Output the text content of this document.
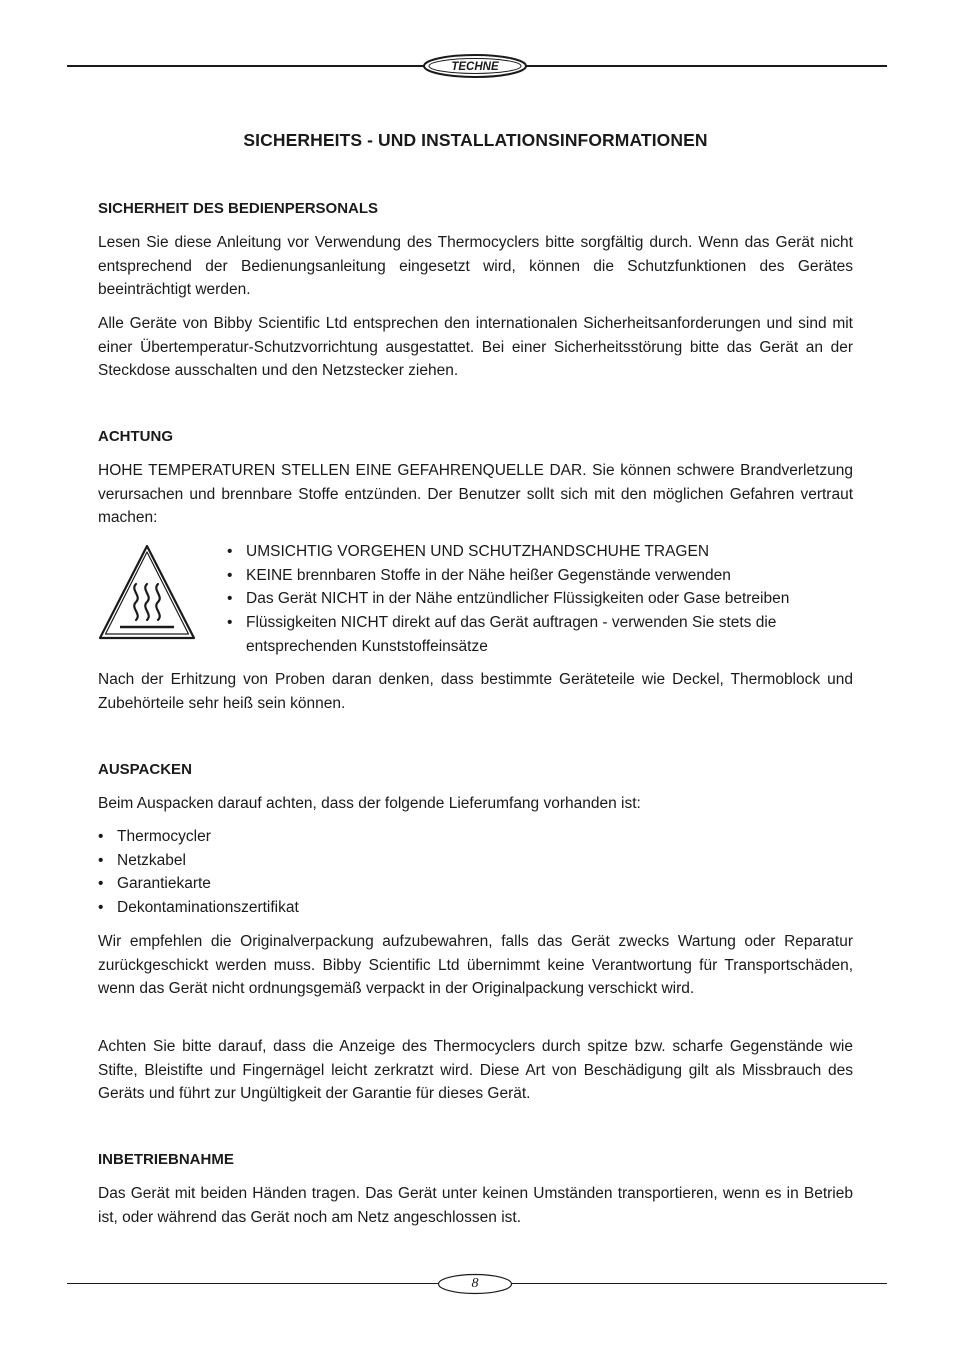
TECHNE
SICHERHEITS - UND INSTALLATIONSINFORMATIONEN
SICHERHEIT DES BEDIENPERSONALS

Lesen Sie diese Anleitung vor Verwendung des Thermocyclers bitte sorgfältig durch. Wenn das Gerät nicht entsprechend der Bedienungsanleitung eingesetzt wird, können die Schutzfunktionen des Gerätes beeinträchtigt werden.

Alle Geräte von Bibby Scientific Ltd entsprechen den internationalen Sicherheitsanforderungen und sind mit einer Übertemperatur-Schutzvorrichtung ausgestattet. Bei einer Sicherheitsstörung bitte das Gerät an der Steckdose ausschalten und den Netzstecker ziehen.

ACHTUNG

HOHE TEMPERATUREN STELLEN EINE GEFAHRENQUELLE DAR. Sie können schwere Brandverletzung verursachen und brennbare Stoffe entzünden. Der Benutzer sollt sich mit den möglichen Gefahren vertraut machen:

• UMSICHTIG VORGEHEN UND SCHUTZHANDSCHUHE TRAGEN
• KEINE brennbaren Stoffe in der Nähe heißer Gegenstände verwenden
• Das Gerät NICHT in der Nähe entzündlicher Flüssigkeiten oder Gase betreiben
• Flüssigkeiten NICHT direkt auf das Gerät auftragen - verwenden Sie stets die entsprechenden Kunststoffeinsätze

Nach der Erhitzung von Proben daran denken, dass bestimmte Geräteteile wie Deckel, Thermoblock und Zubehörteile sehr heiß sein können.

AUSPACKEN

Beim Auspacken darauf achten, dass der folgende Lieferumfang vorhanden ist:

• Thermocycler
• Netzkabel
• Garantiekarte
• Dekontaminationszertifikat

Wir empfehlen die Originalverpackung aufzubewahren, falls das Gerät zwecks Wartung oder Reparatur zurückgeschickt werden muss. Bibby Scientific Ltd übernimmt keine Verantwortung für Transportschäden, wenn das Gerät nicht ordnungsgemäß verpackt in der Originalpackung verschickt wird.

Achten Sie bitte darauf, dass die Anzeige des Thermocyclers durch spitze bzw. scharfe Gegenstände wie Stifte, Bleistifte und Fingernägel leicht zerkratzt wird. Diese Art von Beschädigung gilt als Missbrauch des Geräts und führt zur Ungültigkeit der Garantie für dieses Gerät.

INBETRIEBNAHME

Das Gerät mit beiden Händen tragen. Das Gerät unter keinen Umständen transportieren, wenn es in Betrieb ist, oder während das Gerät noch am Netz angeschlossen ist.

8
